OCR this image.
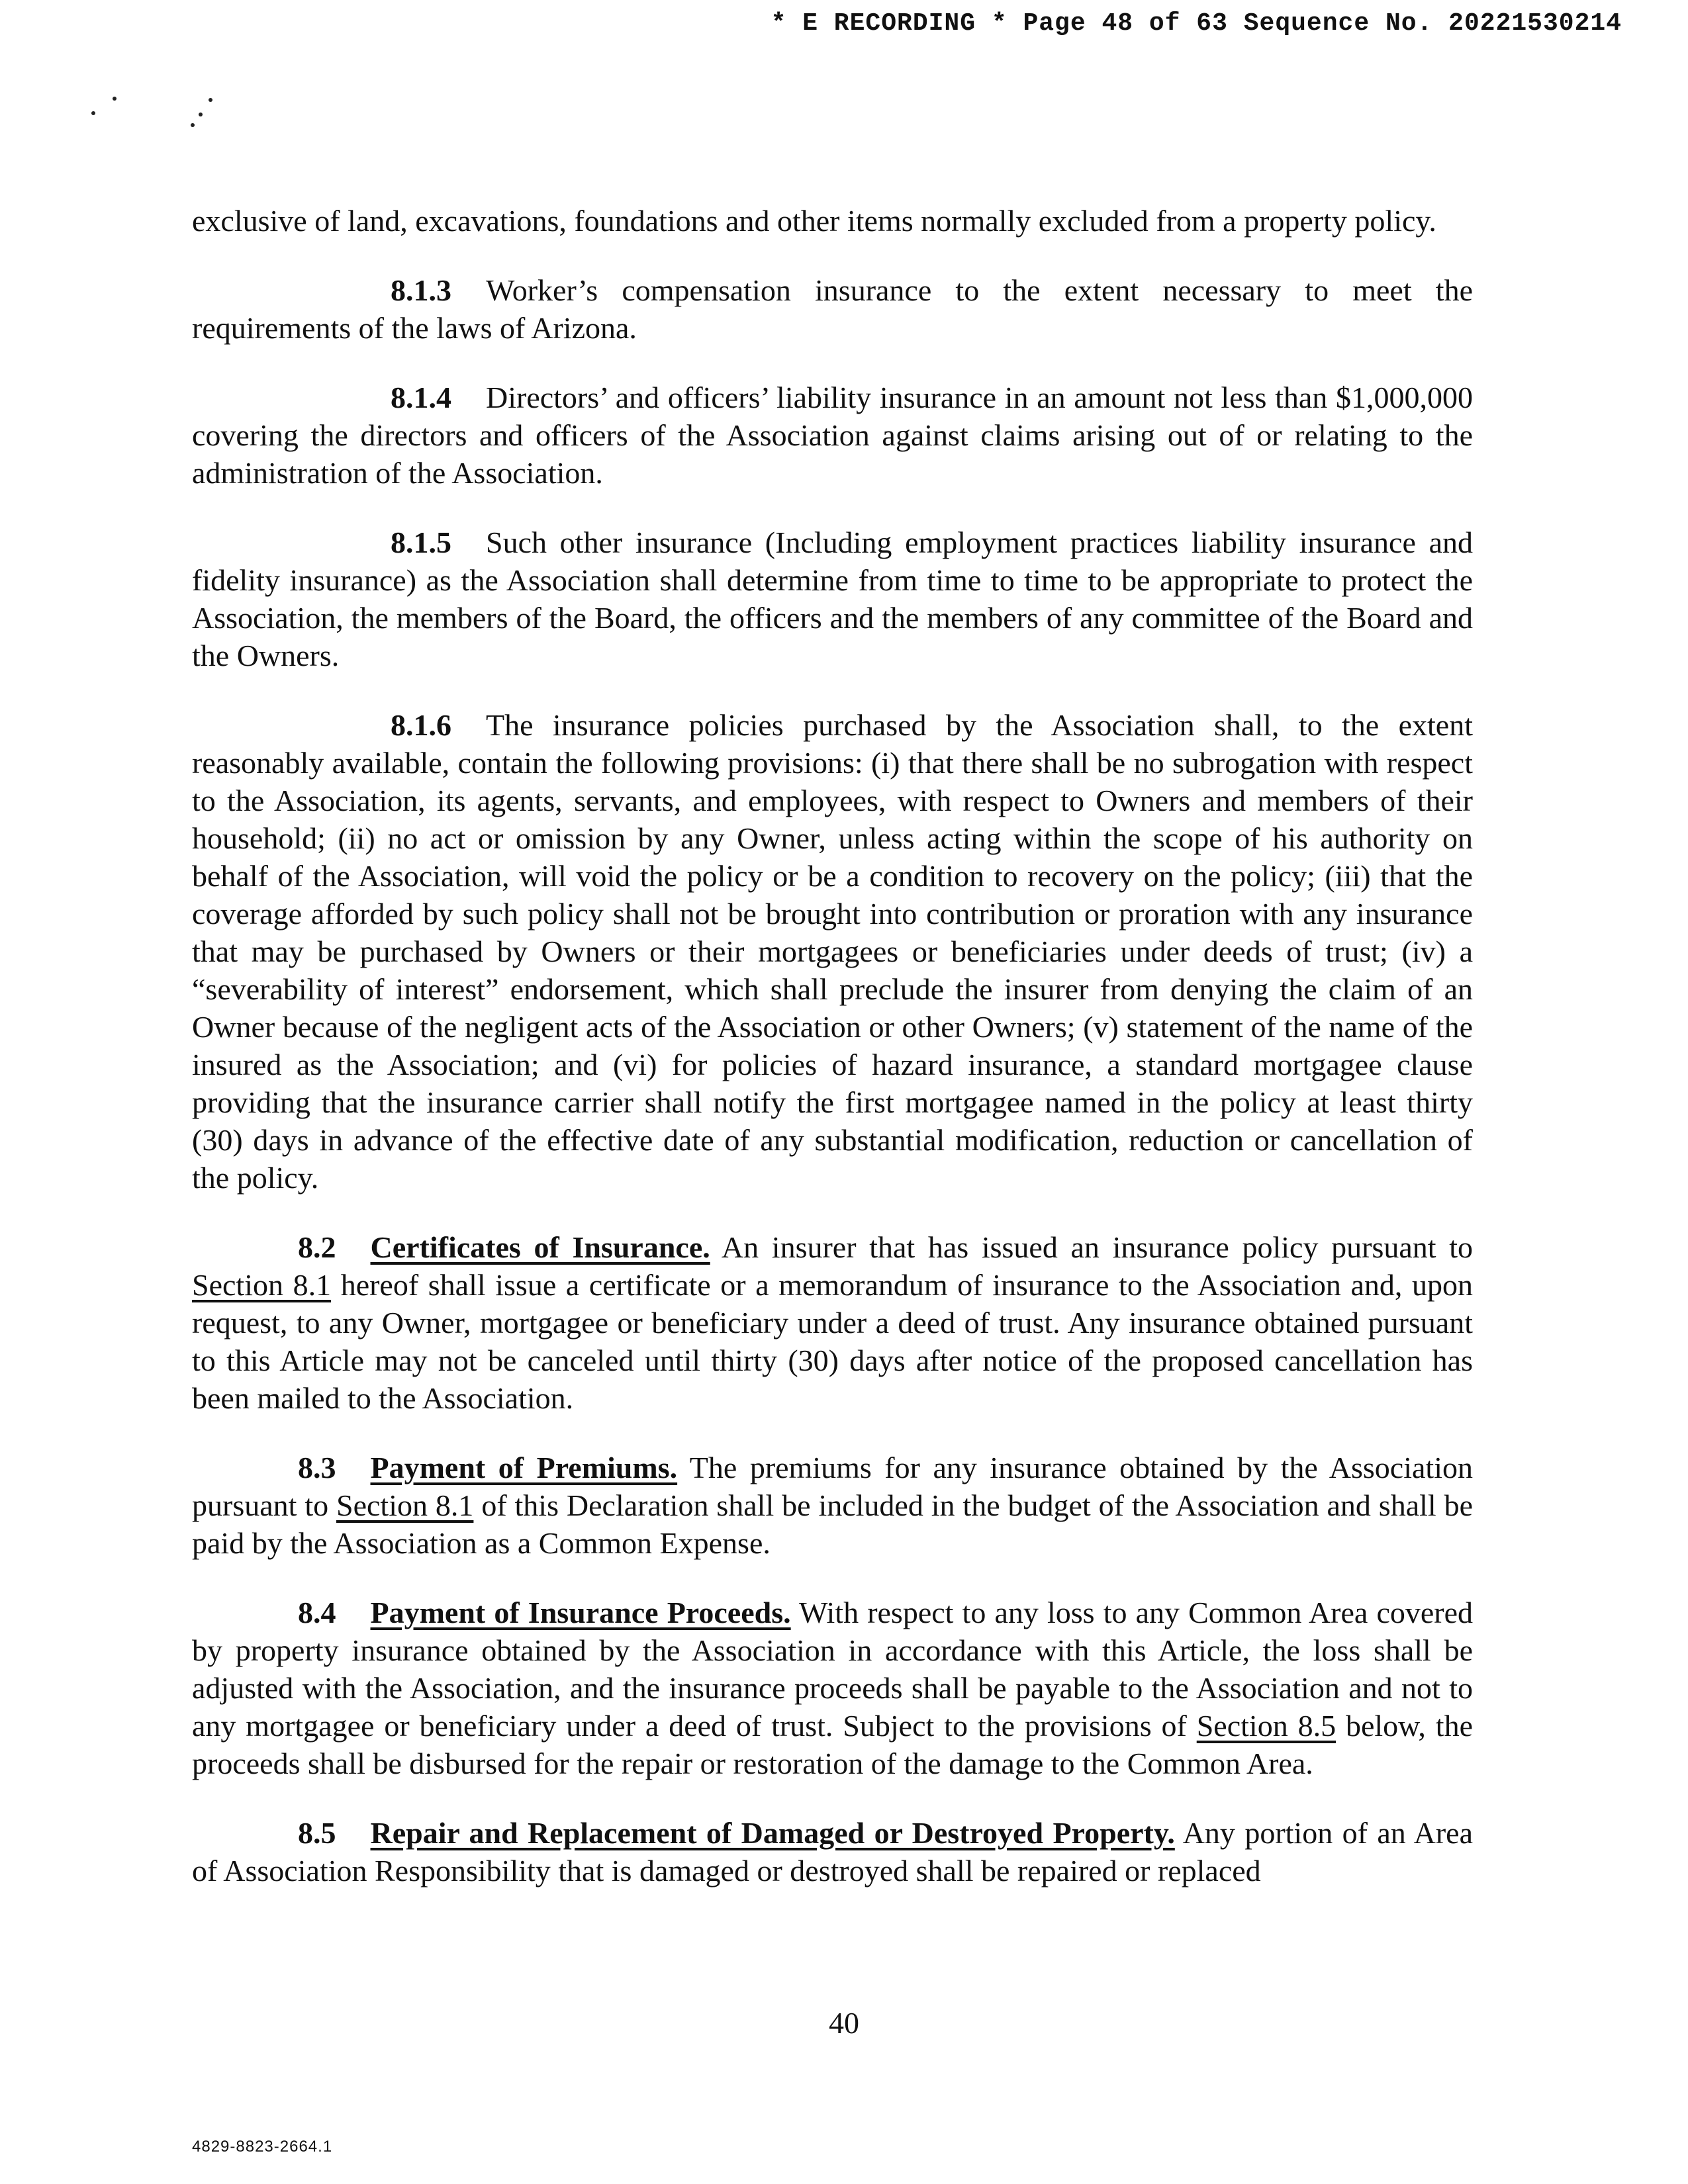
* E RECORDING * Page 48 of 63 Sequence No. 20221530214

exclusive of land, excavations, foundations and other items normally excluded from a property policy.

8.1.3 Worker’s compensation insurance to the extent necessary to meet the requirements of the laws of Arizona.

8.1.4 Directors’ and officers’ liability insurance in an amount not less than $1,000,000 covering the directors and officers of the Association against claims arising out of or relating to the administration of the Association.

8.1.5 Such other insurance (Including employment practices liability insurance and fidelity insurance) as the Association shall determine from time to time to be appropriate to protect the Association, the members of the Board, the officers and the members of any committee of the Board and the Owners.

8.1.6 The insurance policies purchased by the Association shall, to the extent reasonably available, contain the following provisions: (i) that there shall be no subrogation with respect to the Association, its agents, servants, and employees, with respect to Owners and members of their household; (ii) no act or omission by any Owner, unless acting within the scope of his authority on behalf of the Association, will void the policy or be a condition to recovery on the policy; (iii) that the coverage afforded by such policy shall not be brought into contribution or proration with any insurance that may be purchased by Owners or their mortgagees or beneficiaries under deeds of trust; (iv) a “severability of interest” endorsement, which shall preclude the insurer from denying the claim of an Owner because of the negligent acts of the Association or other Owners; (v) statement of the name of the insured as the Association; and (vi) for policies of hazard insurance, a standard mortgagee clause providing that the insurance carrier shall notify the first mortgagee named in the policy at least thirty (30) days in advance of the effective date of any substantial modification, reduction or cancellation of the policy.

8.2 Certificates of Insurance. An insurer that has issued an insurance policy pursuant to Section 8.1 hereof shall issue a certificate or a memorandum of insurance to the Association and, upon request, to any Owner, mortgagee or beneficiary under a deed of trust. Any insurance obtained pursuant to this Article may not be canceled until thirty (30) days after notice of the proposed cancellation has been mailed to the Association.

8.3 Payment of Premiums. The premiums for any insurance obtained by the Association pursuant to Section 8.1 of this Declaration shall be included in the budget of the Association and shall be paid by the Association as a Common Expense.

8.4 Payment of Insurance Proceeds. With respect to any loss to any Common Area covered by property insurance obtained by the Association in accordance with this Article, the loss shall be adjusted with the Association, and the insurance proceeds shall be payable to the Association and not to any mortgagee or beneficiary under a deed of trust. Subject to the provisions of Section 8.5 below, the proceeds shall be disbursed for the repair or restoration of the damage to the Common Area.

8.5 Repair and Replacement of Damaged or Destroyed Property. Any portion of an Area of Association Responsibility that is damaged or destroyed shall be repaired or replaced

40
4829-8823-2664.1
